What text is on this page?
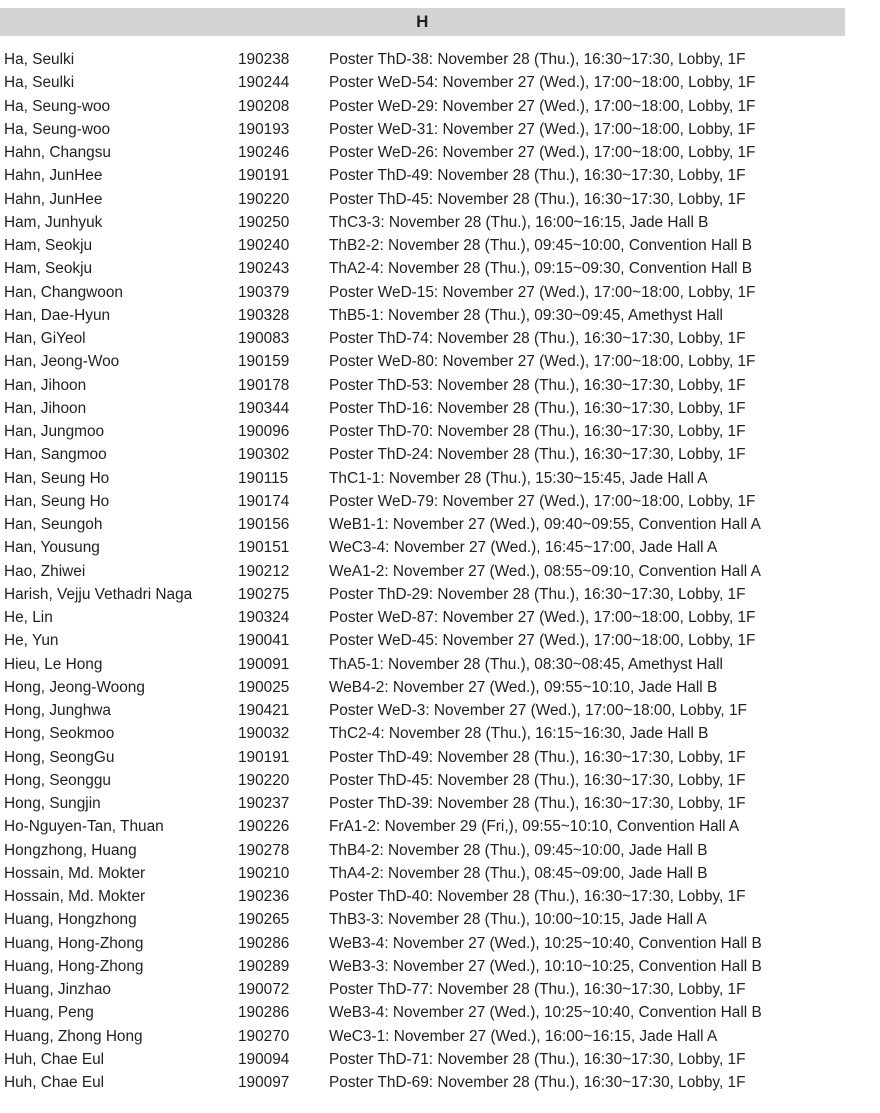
H
Ha, Seulki	190238	Poster ThD-38: November 28 (Thu.), 16:30~17:30, Lobby, 1F
Ha, Seulki	190244	Poster WeD-54: November 27 (Wed.), 17:00~18:00, Lobby, 1F
Ha, Seung-woo	190208	Poster WeD-29: November 27 (Wed.), 17:00~18:00, Lobby, 1F
Ha, Seung-woo	190193	Poster WeD-31: November 27 (Wed.), 17:00~18:00, Lobby, 1F
Hahn, Changsu	190246	Poster WeD-26: November 27 (Wed.), 17:00~18:00, Lobby, 1F
Hahn, JunHee	190191	Poster ThD-49: November 28 (Thu.), 16:30~17:30, Lobby, 1F
Hahn, JunHee	190220	Poster ThD-45: November 28 (Thu.), 16:30~17:30, Lobby, 1F
Ham, Junhyuk	190250	ThC3-3: November 28 (Thu.), 16:00~16:15, Jade Hall B
Ham, Seokju	190240	ThB2-2: November 28 (Thu.), 09:45~10:00, Convention Hall B
Ham, Seokju	190243	ThA2-4: November 28 (Thu.), 09:15~09:30, Convention Hall B
Han, Changwoon	190379	Poster WeD-15: November 27 (Wed.), 17:00~18:00, Lobby, 1F
Han, Dae-Hyun	190328	ThB5-1: November 28 (Thu.), 09:30~09:45, Amethyst Hall
Han, GiYeol	190083	Poster ThD-74: November 28 (Thu.), 16:30~17:30, Lobby, 1F
Han, Jeong-Woo	190159	Poster WeD-80: November 27 (Wed.), 17:00~18:00, Lobby, 1F
Han, Jihoon	190178	Poster ThD-53: November 28 (Thu.), 16:30~17:30, Lobby, 1F
Han, Jihoon	190344	Poster ThD-16: November 28 (Thu.), 16:30~17:30, Lobby, 1F
Han, Jungmoo	190096	Poster ThD-70: November 28 (Thu.), 16:30~17:30, Lobby, 1F
Han, Sangmoo	190302	Poster ThD-24: November 28 (Thu.), 16:30~17:30, Lobby, 1F
Han, Seung Ho	190115	ThC1-1: November 28 (Thu.), 15:30~15:45, Jade Hall A
Han, Seung Ho	190174	Poster WeD-79: November 27 (Wed.), 17:00~18:00, Lobby, 1F
Han, Seungoh	190156	WeB1-1: November 27 (Wed.), 09:40~09:55, Convention Hall A
Han, Yousung	190151	WeC3-4: November 27 (Wed.), 16:45~17:00, Jade Hall A
Hao, Zhiwei	190212	WeA1-2: November 27 (Wed.), 08:55~09:10, Convention Hall A
Harish, Vejju Vethadri Naga	190275	Poster ThD-29: November 28 (Thu.), 16:30~17:30, Lobby, 1F
He, Lin	190324	Poster WeD-87: November 27 (Wed.), 17:00~18:00, Lobby, 1F
He, Yun	190041	Poster WeD-45: November 27 (Wed.), 17:00~18:00, Lobby, 1F
Hieu, Le Hong	190091	ThA5-1: November 28 (Thu.), 08:30~08:45, Amethyst Hall
Hong, Jeong-Woong	190025	WeB4-2: November 27 (Wed.), 09:55~10:10, Jade Hall B
Hong, Junghwa	190421	Poster WeD-3: November 27 (Wed.), 17:00~18:00, Lobby, 1F
Hong, Seokmoo	190032	ThC2-4: November 28 (Thu.), 16:15~16:30, Jade Hall B
Hong, SeongGu	190191	Poster ThD-49: November 28 (Thu.), 16:30~17:30, Lobby, 1F
Hong, Seonggu	190220	Poster ThD-45: November 28 (Thu.), 16:30~17:30, Lobby, 1F
Hong, Sungjin	190237	Poster ThD-39: November 28 (Thu.), 16:30~17:30, Lobby, 1F
Ho-Nguyen-Tan, Thuan	190226	FrA1-2: November 29 (Fri,), 09:55~10:10, Convention Hall A
Hongzhong, Huang	190278	ThB4-2: November 28 (Thu.), 09:45~10:00, Jade Hall B
Hossain, Md. Mokter	190210	ThA4-2: November 28 (Thu.), 08:45~09:00, Jade Hall B
Hossain, Md. Mokter	190236	Poster ThD-40: November 28 (Thu.), 16:30~17:30, Lobby, 1F
Huang, Hongzhong	190265	ThB3-3: November 28 (Thu.), 10:00~10:15, Jade Hall A
Huang, Hong-Zhong	190286	WeB3-4: November 27 (Wed.), 10:25~10:40, Convention Hall B
Huang, Hong-Zhong	190289	WeB3-3: November 27 (Wed.), 10:10~10:25, Convention Hall B
Huang, Jinzhao	190072	Poster ThD-77: November 28 (Thu.), 16:30~17:30, Lobby, 1F
Huang, Peng	190286	WeB3-4: November 27 (Wed.), 10:25~10:40, Convention Hall B
Huang, Zhong Hong	190270	WeC3-1: November 27 (Wed.), 16:00~16:15, Jade Hall A
Huh, Chae Eul	190094	Poster ThD-71: November 28 (Thu.), 16:30~17:30, Lobby, 1F
Huh, Chae Eul	190097	Poster ThD-69: November 28 (Thu.), 16:30~17:30, Lobby, 1F
